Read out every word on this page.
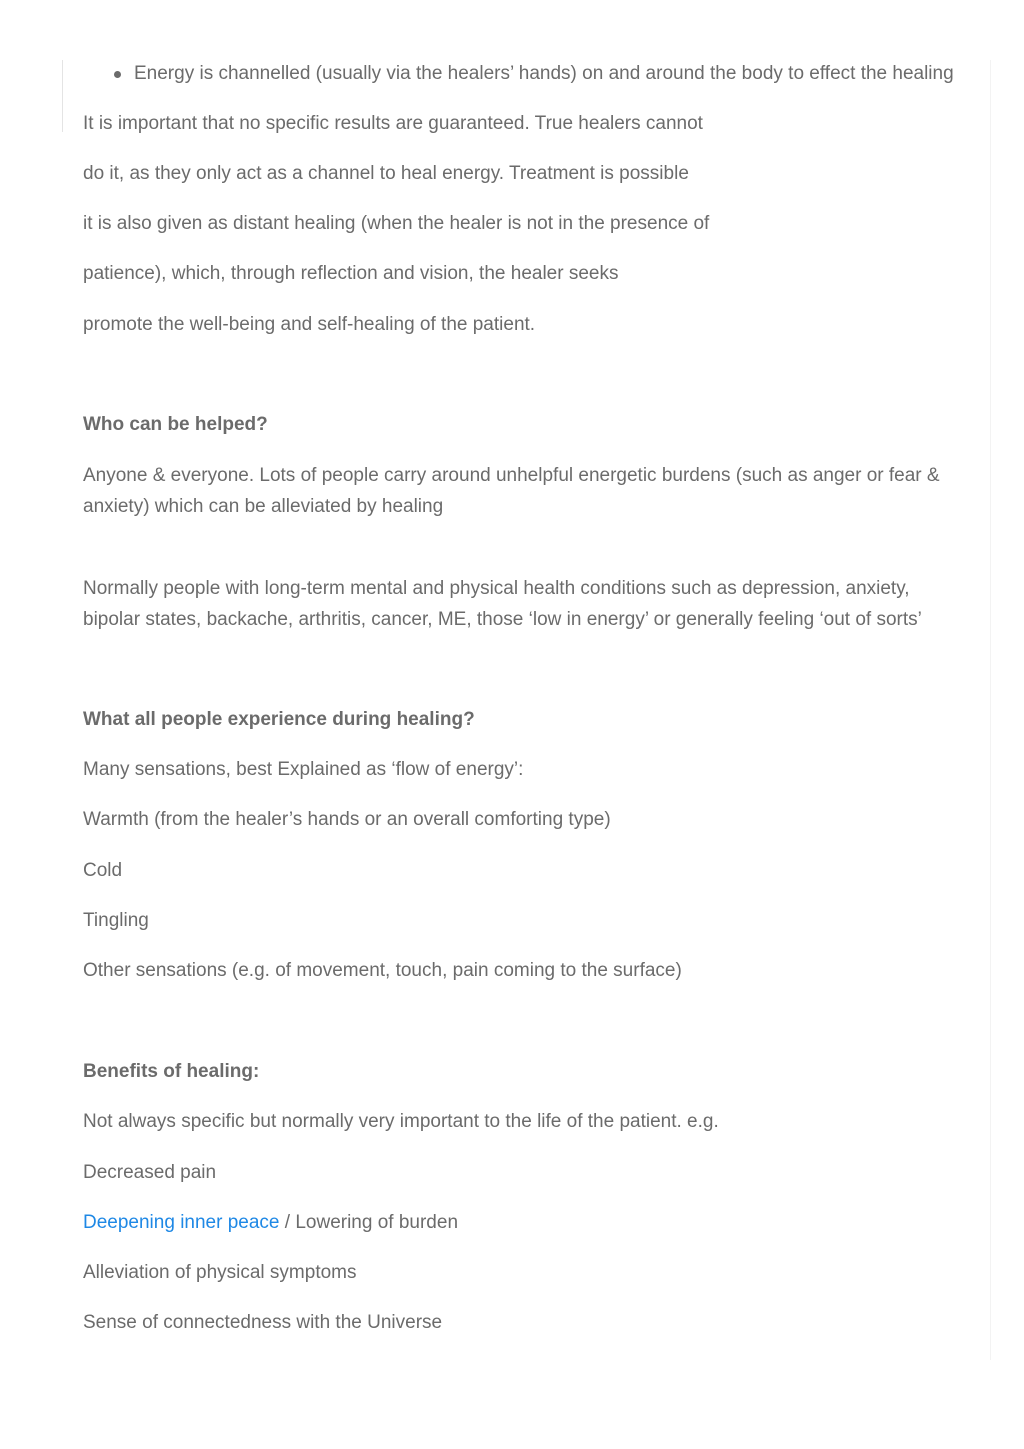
Energy is channelled (usually via the healers’ hands) on and around the body to effect the healing

It is important that no specific results are guaranteed. True healers cannot

do it, as they only act as a channel to heal energy. Treatment is possible

it is also given as distant healing (when the healer is not in the presence of

patience), which, through reflection and vision, the healer seeks

promote the well-being and self-healing of the patient.

Who can be helped?

Anyone & everyone. Lots of people carry around unhelpful energetic burdens (such as anger or fear & anxiety) which can be alleviated by healing

Normally people with long-term mental and physical health conditions such as depression, anxiety, bipolar states, backache, arthritis, cancer, ME, those ‘low in energy’ or generally feeling ‘out of sorts’

What all people experience during healing?

Many sensations, best Explained as ‘flow of energy’:

Warmth (from the healer’s hands or an overall comforting type)

Cold

Tingling

Other sensations (e.g. of movement, touch, pain coming to the surface)

Benefits of healing:

Not always specific but normally very important to the life of the patient. e.g.

Decreased pain

Deepening inner peace / Lowering of burden

Alleviation of physical symptoms

Sense of connectedness with the Universe
